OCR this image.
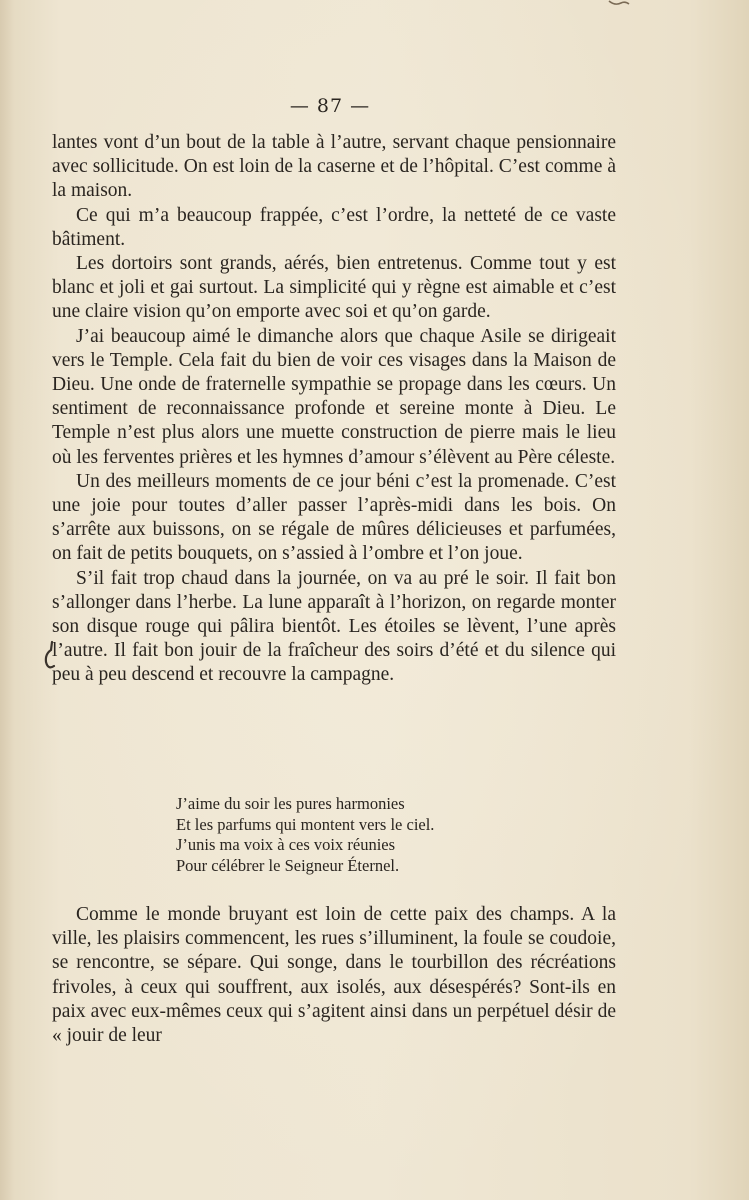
— 87 —

lantes vont d’un bout de la table à l’autre, servant chaque pensionnaire avec sollicitude. On est loin de la caserne et de l’hôpital. C’est comme à la maison.

Ce qui m’a beaucoup frappée, c’est l’ordre, la netteté de ce vaste bâtiment.

Les dortoirs sont grands, aérés, bien entretenus. Comme tout y est blanc et joli et gai surtout. La simplicité qui y règne est aimable et c’est une claire vision qu’on emporte avec soi et qu’on garde.

J’ai beaucoup aimé le dimanche alors que chaque Asile se dirigeait vers le Temple. Cela fait du bien de voir ces visages dans la Maison de Dieu. Une onde de fraternelle sympathie se propage dans les cœurs. Un sentiment de reconnaissance profonde et sereine monte à Dieu. Le Temple n’est plus alors une muette construction de pierre mais le lieu où les ferventes prières et les hymnes d’amour s’élèvent au Père céleste.

Un des meilleurs moments de ce jour béni c’est la promenade. C’est une joie pour toutes d’aller passer l’après-midi dans les bois. On s’arrête aux buissons, on se régale de mûres délicieuses et parfumées, on fait de petits bouquets, on s’assied à l’ombre et l’on joue.

S’il fait trop chaud dans la journée, on va au pré le soir. Il fait bon s’allonger dans l’herbe. La lune apparaît à l’horizon, on regarde monter son disque rouge qui pâlira bientôt. Les étoiles se lèvent, l’une après l’autre. Il fait bon jouir de la fraîcheur des soirs d’été et du silence qui peu à peu descend et recouvre la campagne.

J’aime du soir les pures harmonies
Et les parfums qui montent vers le ciel.
J’unis ma voix à ces voix réunies
Pour célébrer le Seigneur Éternel.

Comme le monde bruyant est loin de cette paix des champs. A la ville, les plaisirs commencent, les rues s’illuminent, la foule se coudoie, se rencontre, se sépare. Qui songe, dans le tourbillon des récréations frivoles, à ceux qui souffrent, aux isolés, aux désespérés? Sont-ils en paix avec eux-mêmes ceux qui s’agitent ainsi dans un perpétuel désir de « jouir de leur
